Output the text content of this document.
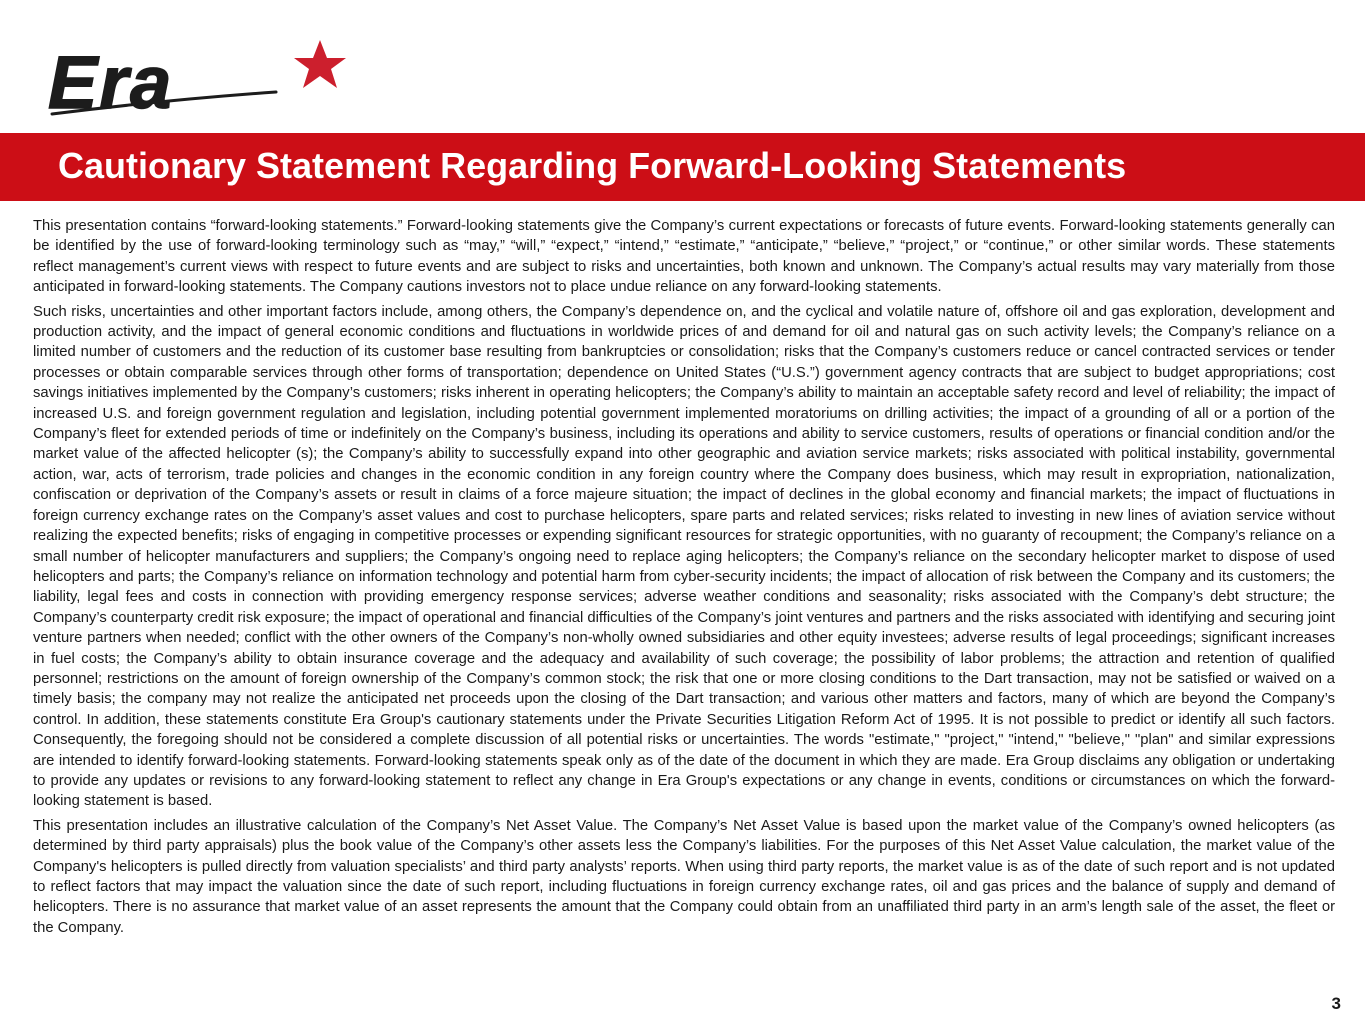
Era
Cautionary Statement Regarding Forward-Looking Statements

This presentation contains “forward-looking statements.” Forward-looking statements give the Company’s current expectations or forecasts of future events. Forward-looking statements generally can be identified by the use of forward-looking terminology such as “may,” “will,” “expect,” “intend,” “estimate,” “anticipate,” “believe,” “project,” or “continue,” or other similar words. These statements reflect management’s current views with respect to future events and are subject to risks and uncertainties, both known and unknown. The Company’s actual results may vary materially from those anticipated in forward-looking statements. The Company cautions investors not to place undue reliance on any forward-looking statements.

Such risks, uncertainties and other important factors include, among others, the Company’s dependence on, and the cyclical and volatile nature of, offshore oil and gas exploration, development and production activity, and the impact of general economic conditions and fluctuations in worldwide prices of and demand for oil and natural gas on such activity levels; the Company’s reliance on a limited number of customers and the reduction of its customer base resulting from bankruptcies or consolidation; risks that the Company’s customers reduce or cancel contracted services or tender processes or obtain comparable services through other forms of transportation; dependence on United States (“U.S.”) government agency contracts that are subject to budget appropriations; cost savings initiatives implemented by the Company’s customers; risks inherent in operating helicopters; the Company’s ability to maintain an acceptable safety record and level of reliability; the impact of increased U.S. and foreign government regulation and legislation, including potential government implemented moratoriums on drilling activities; the impact of a grounding of all or a portion of the Company’s fleet for extended periods of time or indefinitely on the Company’s business, including its operations and ability to service customers, results of operations or financial condition and/or the market value of the affected helicopter (s); the Company’s ability to successfully expand into other geographic and aviation service markets; risks associated with political instability, governmental action, war, acts of terrorism, trade policies and changes in the economic condition in any foreign country where the Company does business, which may result in expropriation, nationalization, confiscation or deprivation of the Company’s assets or result in claims of a force majeure situation; the impact of declines in the global economy and financial markets; the impact of fluctuations in foreign currency exchange rates on the Company’s asset values and cost to purchase helicopters, spare parts and related services; risks related to investing in new lines of aviation service without realizing the expected benefits; risks of engaging in competitive processes or expending significant resources for strategic opportunities, with no guaranty of recoupment; the Company’s reliance on a small number of helicopter manufacturers and suppliers; the Company’s ongoing need to replace aging helicopters; the Company’s reliance on the secondary helicopter market to dispose of used helicopters and parts; the Company’s reliance on information technology and potential harm from cyber-security incidents; the impact of allocation of risk between the Company and its customers; the liability, legal fees and costs in connection with providing emergency response services; adverse weather conditions and seasonality; risks associated with the Company’s debt structure; the Company’s counterparty credit risk exposure; the impact of operational and financial difficulties of the Company’s joint ventures and partners and the risks associated with identifying and securing joint venture partners when needed; conflict with the other owners of the Company’s non-wholly owned subsidiaries and other equity investees; adverse results of legal proceedings; significant increases in fuel costs; the Company’s ability to obtain insurance coverage and the adequacy and availability of such coverage; the possibility of labor problems; the attraction and retention of qualified personnel; restrictions on the amount of foreign ownership of the Company’s common stock; the risk that one or more closing conditions to the Dart transaction, may not be satisfied or waived on a timely basis; the company may not realize the anticipated net proceeds upon the closing of the Dart transaction; and various other matters and factors, many of which are beyond the Company’s control. In addition, these statements constitute Era Group's cautionary statements under the Private Securities Litigation Reform Act of 1995. It is not possible to predict or identify all such factors. Consequently, the foregoing should not be considered a complete discussion of all potential risks or uncertainties. The words "estimate," "project," "intend," "believe," "plan" and similar expressions are intended to identify forward-looking statements. Forward-looking statements speak only as of the date of the document in which they are made. Era Group disclaims any obligation or undertaking to provide any updates or revisions to any forward-looking statement to reflect any change in Era Group's expectations or any change in events, conditions or circumstances on which the forward-looking statement is based.

This presentation includes an illustrative calculation of the Company’s Net Asset Value. The Company’s Net Asset Value is based upon the market value of the Company’s owned helicopters (as determined by third party appraisals) plus the book value of the Company’s other assets less the Company’s liabilities. For the purposes of this Net Asset Value calculation, the market value of the Company's helicopters is pulled directly from valuation specialists’ and third party analysts’ reports. When using third party reports, the market value is as of the date of such report and is not updated to reflect factors that may impact the valuation since the date of such report, including fluctuations in foreign currency exchange rates, oil and gas prices and the balance of supply and demand of helicopters. There is no assurance that market value of an asset represents the amount that the Company could obtain from an unaffiliated third party in an arm’s length sale of the asset, the fleet or the Company.

3
